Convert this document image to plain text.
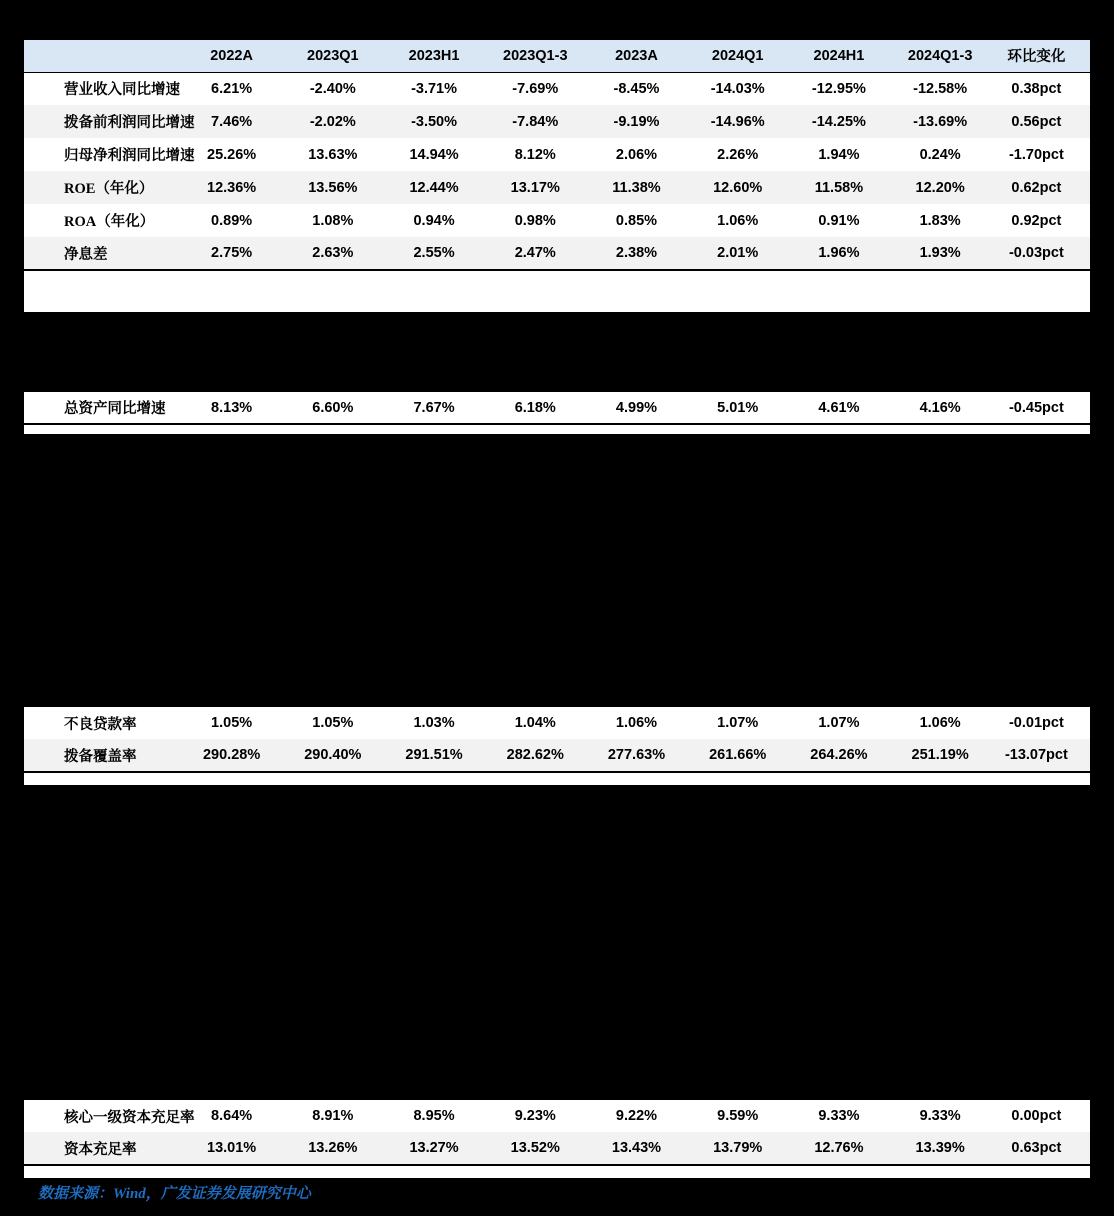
	2022A	2023Q1	2023H1	2023Q1-3	2023A	2024Q1	2024H1	2024Q1-3	环比变化
营业收入同比增速	6.21%	-2.40%	-3.71%	-7.69%	-8.45%	-14.03%	-12.95%	-12.58%	0.38pct
拨备前利润同比增速	7.46%	-2.02%	-3.50%	-7.84%	-9.19%	-14.96%	-14.25%	-13.69%	0.56pct
归母净利润同比增速	25.26%	13.63%	14.94%	8.12%	2.06%	2.26%	1.94%	0.24%	-1.70pct
ROE（年化）	12.36%	13.56%	12.44%	13.17%	11.38%	12.60%	11.58%	12.20%	0.62pct
ROA（年化）	0.89%	1.08%	0.94%	0.98%	0.85%	1.06%	0.91%	1.83%	0.92pct
净息差	2.75%	2.63%	2.55%	2.47%	2.38%	2.01%	1.96%	1.93%	-0.03pct
总资产同比增速	8.13%	6.60%	7.67%	6.18%	4.99%	5.01%	4.61%	4.16%	-0.45pct
不良贷款率	1.05%	1.05%	1.03%	1.04%	1.06%	1.07%	1.07%	1.06%	-0.01pct
拨备覆盖率	290.28%	290.40%	291.51%	282.62%	277.63%	261.66%	264.26%	251.19%	-13.07pct
核心一级资本充足率	8.64%	8.91%	8.95%	9.23%	9.22%	9.59%	9.33%	9.33%	0.00pct
资本充足率	13.01%	13.26%	13.27%	13.52%	13.43%	13.79%	12.76%	13.39%	0.63pct
数据来源：Wind，广发证券发展研究中心
